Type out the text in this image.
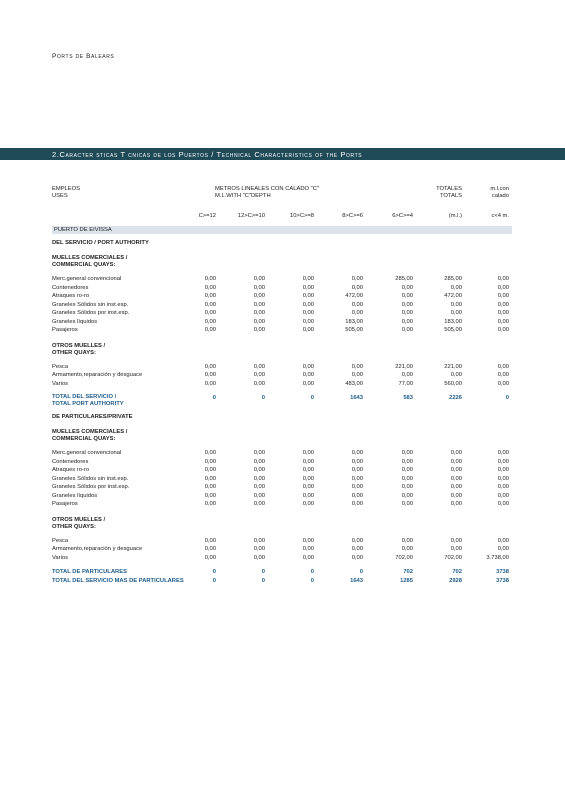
Ports de Balears
2.Caracter sticas T cnicas de los Puertos / Technical Characteristics of the Ports
EMPLEOS
USES
METROS LINEALES CON CALADO "C"
M.L.WITH "C"DEPTH
TOTALES
TOTALS
m.l.con
calado
C>=12	12>C>=10	10>C>=8	8>C>=6	6>C>=4	(m.l.)	c<4 m.
PUERTO DE EIVISSA
DEL SERVICIO / PORT AUTHORITY
MUELLES COMERCIALES /
COMMERCIAL QUAYS:
Merc.general convencional	0,00	0,00	0,00	0,00	285,00	285,00	0,00
Contenedores	0,00	0,00	0,00	0,00	0,00	0,00	0,00
Atraques ro-ro	0,00	0,00	0,00	472,00	0,00	472,00	0,00
Graneles Sólidos sin inst.esp.	0,00	0,00	0,00	0,00	0,00	0,00	0,00
Graneles Sólidos por inst.esp.	0,00	0,00	0,00	0,00	0,00	0,00	0,00
Graneles líquidos	0,00	0,00	0,00	183,00	0,00	183,00	0,00
Pasajeros	0,00	0,00	0,00	505,00	0,00	505,00	0,00
OTROS MUELLES /
OTHER QUAYS:
Pesca	0,00	0,00	0,00	0,00	221,00	221,00	0,00
Armamento,reparación y desguace	0,00	0,00	0,00	0,00	0,00	0,00	0,00
Varios	0,00	0,00	0,00	483,00	77,00	560,00	0,00
TOTAL DEL SERVICIO /
TOTAL PORT AUTHORITY
0	0	0	1643	583	2226	0
DE PARTICULARES/PRIVATE
MUELLES COMERCIALES /
COMMERCIAL QUAYS:
Merc.general convencional	0,00	0,00	0,00	0,00	0,00	0,00	0,00
Contenedores	0,00	0,00	0,00	0,00	0,00	0,00	0,00
Atraques ro-ro	0,00	0,00	0,00	0,00	0,00	0,00	0,00
Graneles Sólidos sin inst.esp.	0,00	0,00	0,00	0,00	0,00	0,00	0,00
Graneles Sólidos por inst.esp.	0,00	0,00	0,00	0,00	0,00	0,00	0,00
Graneles líquidos	0,00	0,00	0,00	0,00	0,00	0,00	0,00
Pasajeros	0,00	0,00	0,00	0,00	0,00	0,00	0,00
OTROS MUELLES /
OTHER QUAYS:
Pesca	0,00	0,00	0,00	0,00	0,00	0,00	0,00
Armamento,reparación y desguace	0,00	0,00	0,00	0,00	0,00	0,00	0,00
Varios	0,00	0,00	0,00	0,00	702,00	702,00	3.738,00
TOTAL DE PARTICULARES	0	0	0	0	702	702	3738
TOTAL DEL SERVICIO MAS DE PARTICULARES	0	0	0	1643	1285	2928	3738
